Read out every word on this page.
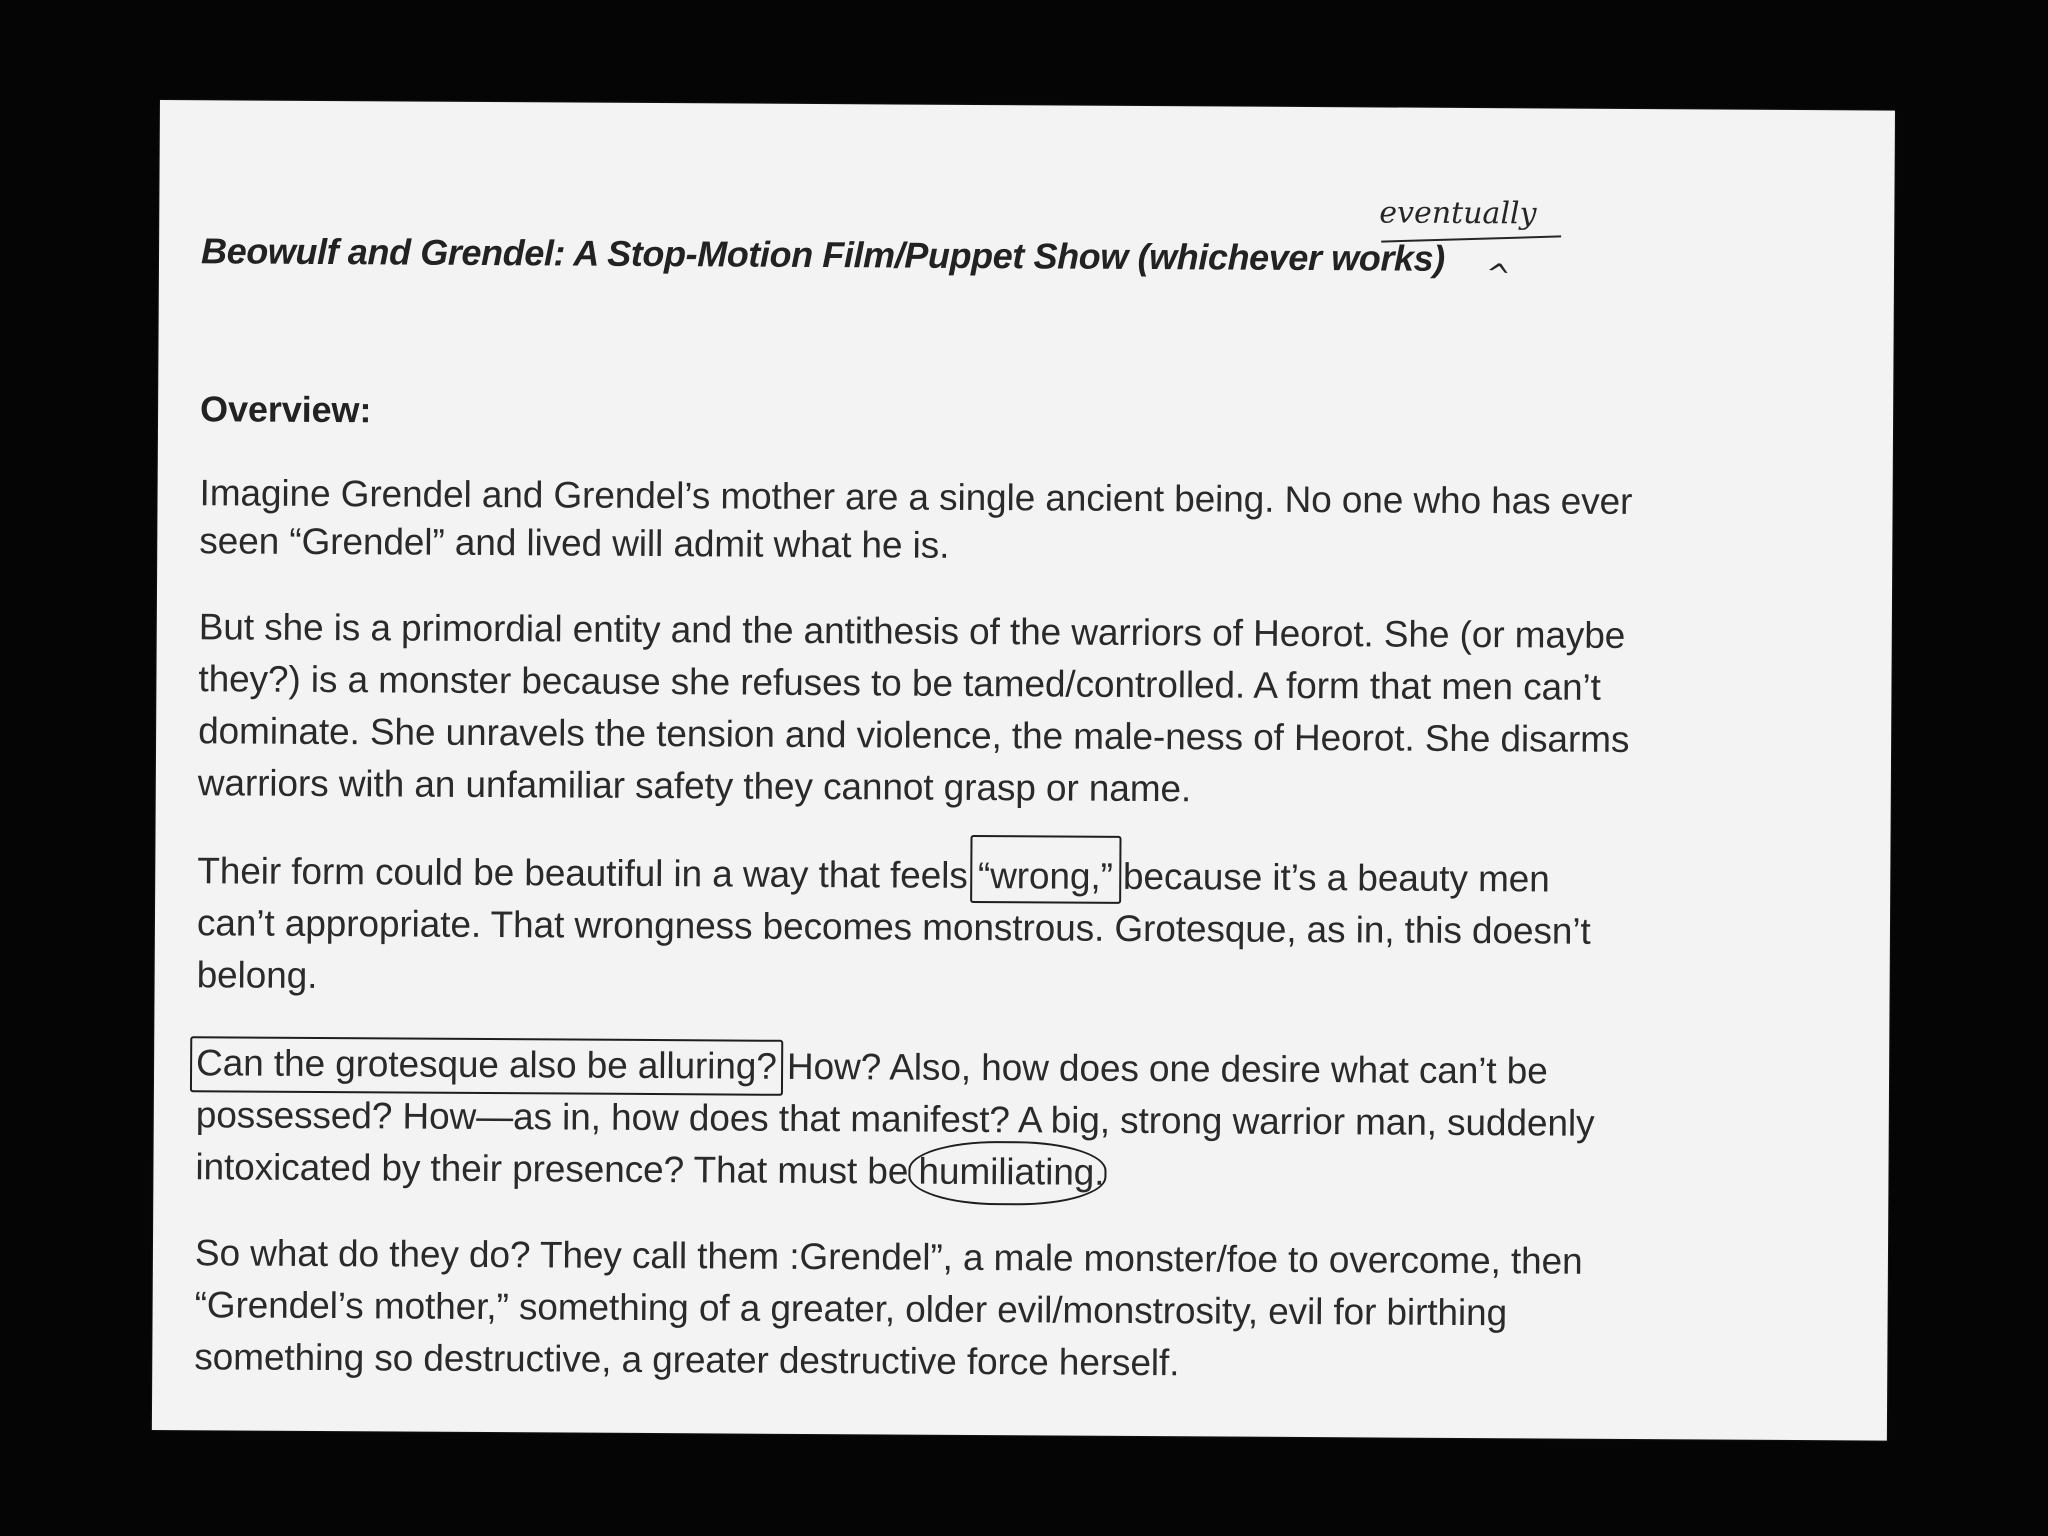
eventually
^
Beowulf and Grendel: A Stop-Motion Film/Puppet Show (whichever works)
Overview:
Imagine Grendel and Grendel’s mother are a single ancient being. No one who has ever
seen “Grendel” and lived will admit what he is.
But she is a primordial entity and the antithesis of the warriors of Heorot. She (or maybe
they?) is a monster because she refuses to be tamed/controlled. A form that men can’t
dominate. She unravels the tension and violence, the male-ness of Heorot. She disarms
warriors with an unfamiliar safety they cannot grasp or name.
Their form could be beautiful in a way that feels “wrong,” because it’s a beauty men
can’t appropriate. That wrongness becomes monstrous. Grotesque, as in, this doesn’t
belong.
Can the grotesque also be alluring? How? Also, how does one desire what can’t be
possessed? How—as in, how does that manifest? A big, strong warrior man, suddenly
intoxicated by their presence? That must be humiliating.
So what do they do? They call them :Grendel”, a male monster/foe to overcome, then
“Grendel’s mother,” something of a greater, older evil/monstrosity, evil for birthing
something so destructive, a greater destructive force herself.
